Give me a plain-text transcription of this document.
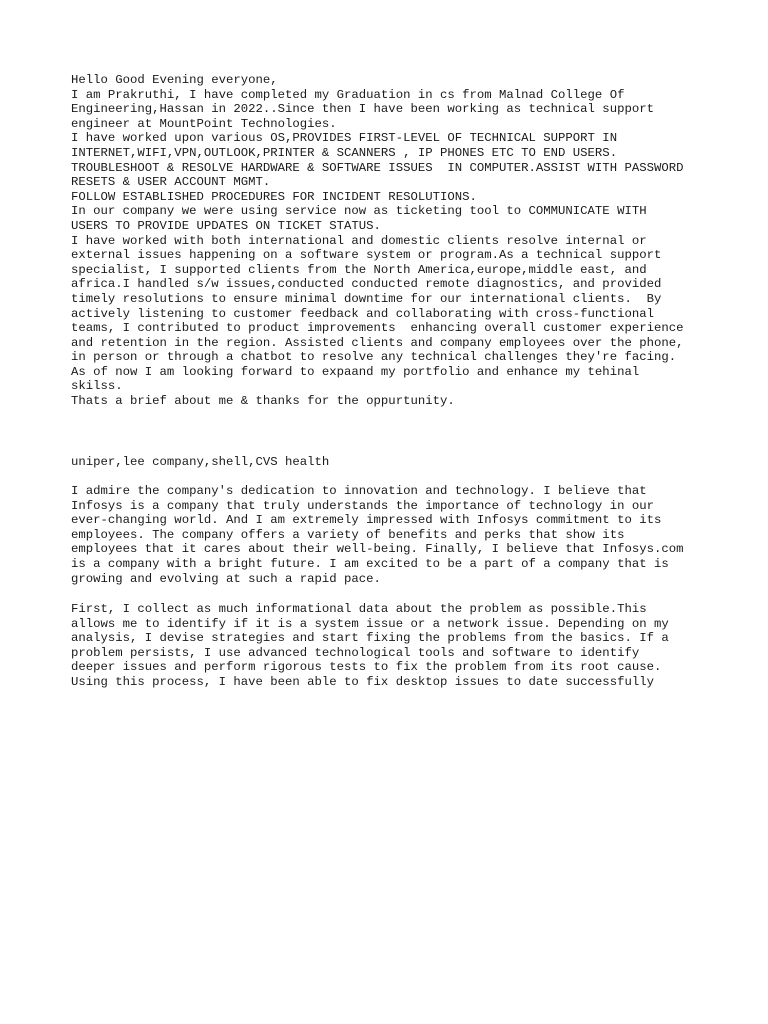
Hello Good Evening everyone,
I am Prakruthi, I have completed my Graduation in cs from Malnad College Of
Engineering,Hassan in 2022..Since then I have been working as technical support
engineer at MountPoint Technologies.
I have worked upon various OS,PROVIDES FIRST-LEVEL OF TECHNICAL SUPPORT IN
INTERNET,WIFI,VPN,OUTLOOK,PRINTER & SCANNERS , IP PHONES ETC TO END USERS.
TROUBLESHOOT & RESOLVE HARDWARE & SOFTWARE ISSUES  IN COMPUTER.ASSIST WITH PASSWORD
RESETS & USER ACCOUNT MGMT.
FOLLOW ESTABLISHED PROCEDURES FOR INCIDENT RESOLUTIONS.
In our company we were using service now as ticketing tool to COMMUNICATE WITH
USERS TO PROVIDE UPDATES ON TICKET STATUS.
I have worked with both international and domestic clients resolve internal or
external issues happening on a software system or program.As a technical support
specialist, I supported clients from the North America,europe,middle east, and
africa.I handled s/w issues,conducted conducted remote diagnostics, and provided
timely resolutions to ensure minimal downtime for our international clients.  By
actively listening to customer feedback and collaborating with cross-functional
teams, I contributed to product improvements  enhancing overall customer experience
and retention in the region. Assisted clients and company employees over the phone,
in person or through a chatbot to resolve any technical challenges they're facing.
As of now I am looking forward to expaand my portfolio and enhance my tehinal
skilss.
Thats a brief about me & thanks for the oppurtunity.
uniper,lee company,shell,CVS health
I admire the company's dedication to innovation and technology. I believe that
Infosys is a company that truly understands the importance of technology in our
ever-changing world. And I am extremely impressed with Infosys commitment to its
employees. The company offers a variety of benefits and perks that show its
employees that it cares about their well-being. Finally, I believe that Infosys.com
is a company with a bright future. I am excited to be a part of a company that is
growing and evolving at such a rapid pace.
First, I collect as much informational data about the problem as possible.This
allows me to identify if it is a system issue or a network issue. Depending on my
analysis, I devise strategies and start fixing the problems from the basics. If a
problem persists, I use advanced technological tools and software to identify
deeper issues and perform rigorous tests to fix the problem from its root cause.
Using this process, I have been able to fix desktop issues to date successfully
